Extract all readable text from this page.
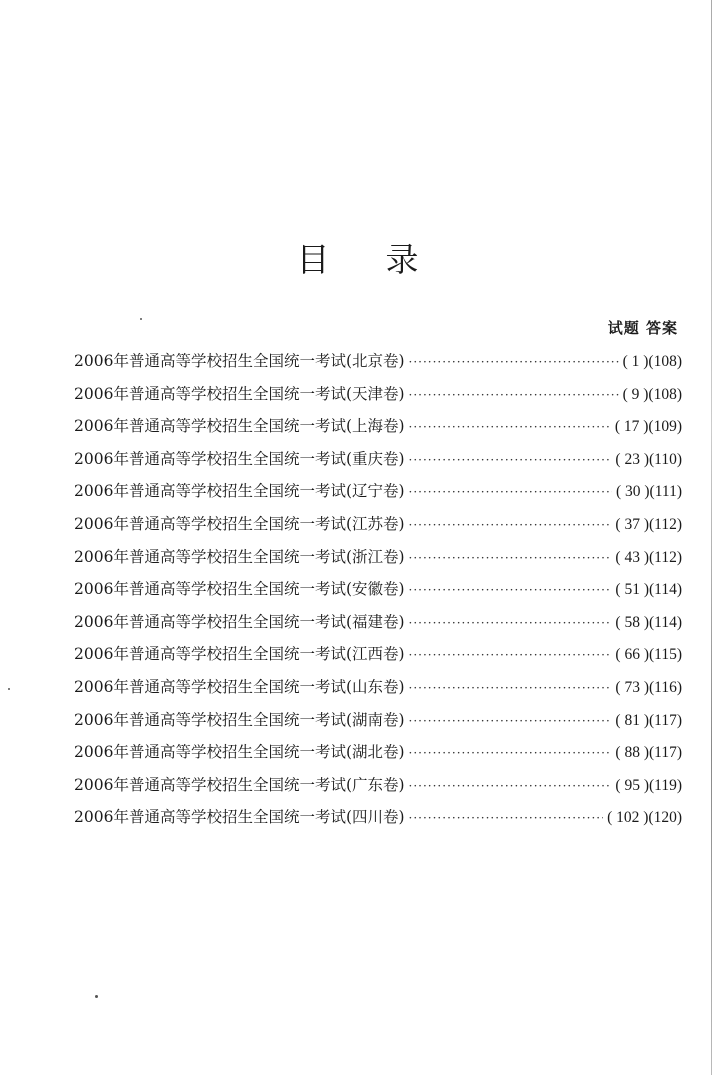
目录
试题 答案
2006年普通高等学校招生全国统一考试(北京卷) ·····	( 1 )(108)
2006年普通高等学校招生全国统一考试(天津卷) ·····	( 9 )(108)
2006年普通高等学校招生全国统一考试(上海卷) ·····	( 17 )(109)
2006年普通高等学校招生全国统一考试(重庆卷) ·····	( 23 )(110)
2006年普通高等学校招生全国统一考试(辽宁卷) ·····	( 30 )(111)
2006年普通高等学校招生全国统一考试(江苏卷) ·····	( 37 )(112)
2006年普通高等学校招生全国统一考试(浙江卷) ·····	( 43 )(112)
2006年普通高等学校招生全国统一考试(安徽卷) ·····	( 51 )(114)
2006年普通高等学校招生全国统一考试(福建卷) ·····	( 58 )(114)
2006年普通高等学校招生全国统一考试(江西卷) ·····	( 66 )(115)
2006年普通高等学校招生全国统一考试(山东卷) ·····	( 73 )(116)
2006年普通高等学校招生全国统一考试(湖南卷) ·····	( 81 )(117)
2006年普通高等学校招生全国统一考试(湖北卷) ·····	( 88 )(117)
2006年普通高等学校招生全国统一考试(广东卷) ·····	( 95 )(119)
2006年普通高等学校招生全国统一考试(四川卷) ·····	( 102 )(120)
